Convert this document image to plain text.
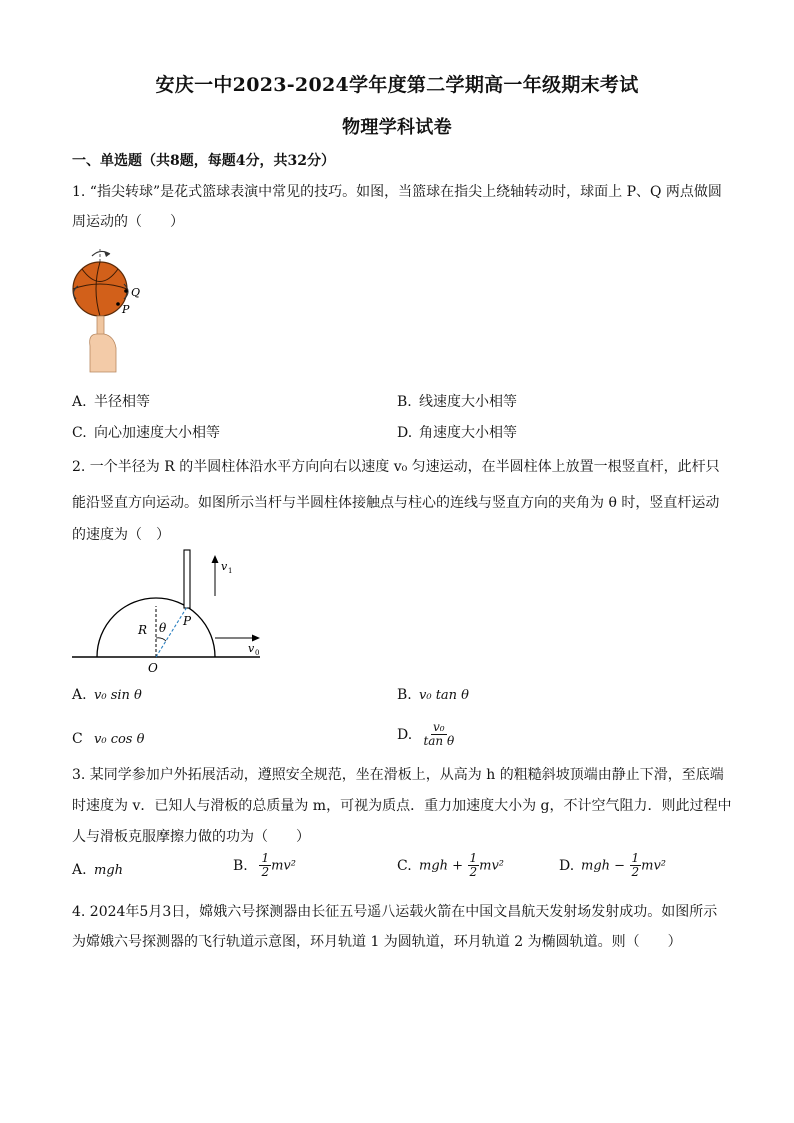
安庆一中2023-2024学年度第二学期高一年级期末考试
物理学科试卷
一、单选题（共8题，每题4分，共32分）
1. “指尖转球”是花式篮球表演中常见的技巧。如图，当篮球在指尖上绕轴转动时，球面上 P、Q 两点做圆
周运动的（　　）
Q
P
A. 半径相等	B. 线速度大小相等
C. 向心加速度大小相等	D. 角速度大小相等
2. 一个半径为 R 的半圆柱体沿水平方向向右以速度 v₀ 匀速运动，在半圆柱体上放置一根竖直杆，此杆只
能沿竖直方向运动。如图所示当杆与半圆柱体接触点与柱心的连线与竖直方向的夹角为 θ 时，竖直杆运动
的速度为（　）
v 1
v 0
R θ P
O
A. v₀ sin θ	B. v₀ tan θ
C v₀ cos θ	D. $\frac{\text{v₀}}{\text{tan θ}}$
3. 某同学参加户外拓展活动，遵照安全规范，坐在滑板上，从高为 h 的粗糙斜坡顶端由静止下滑，至底端
时速度为 v．已知人与滑板的总质量为 m，可视为质点．重力加速度大小为 g，不计空气阻力．则此过程中
人与滑板克服摩擦力做的功为（　　）
A. mgh	B. $\frac{1}{2} mv^2$	C. mgh + $\frac{1}{2} mv^2$	D. mgh − $\frac{1}{2} mv^2$
4. 2024年5月3日，嫦娥六号探测器由长征五号遥八运载火箭在中国文昌航天发射场发射成功。如图所示
为嫦娥六号探测器的飞行轨道示意图，环月轨道 1 为圆轨道，环月轨道 2 为椭圆轨道。则（　　）
